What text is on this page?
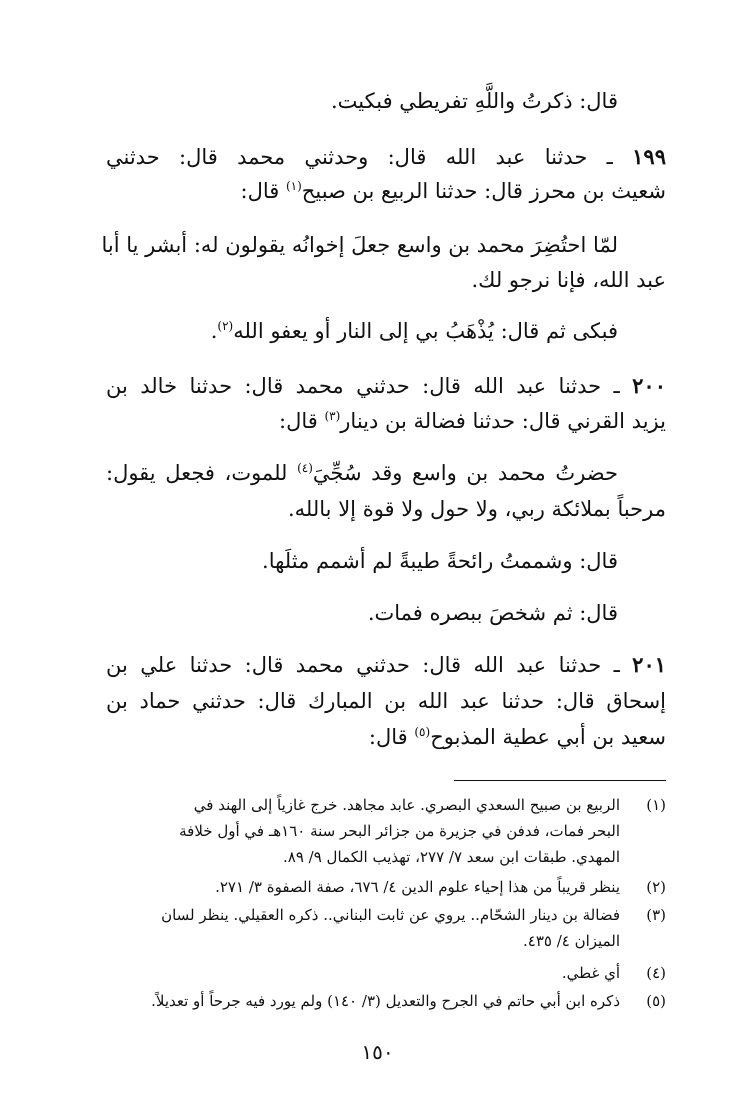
قال: ذكرتُ واللَّهِ تفريطي فبكيت.
١٩٩ ـ حدثنا عبد الله قال: وحدثني محمد قال: حدثني
شعيث بن محرز قال: حدثنا الربيع بن صبيح$^{(١)}$ قال:
لمّا احتُضِرَ محمد بن واسع جعلَ إخوانُه يقولون له: أبشر يا أبا
عبد الله، فإنا نرجو لك.
فبكى ثم قال: يُذْهَبُ بي إلى النار أو يعفو الله$^{(٢)}$.
٢٠٠ ـ حدثنا عبد الله قال: حدثني محمد قال: حدثنا خالد بن
يزيد القرني قال: حدثنا فضالة بن دينار$^{(٣)}$ قال:
حضرتُ محمد بن واسع وقد سُجِّيَ$^{(٤)}$ للموت، فجعل يقول:
مرحباً بملائكة ربي، ولا حول ولا قوة إلا بالله.
قال: وشممتُ رائحةً طيبةً لم أشمم مثلَها.
قال: ثم شخصَ ببصره فمات.
٢٠١ ـ حدثنا عبد الله قال: حدثني محمد قال: حدثنا علي بن
إسحاق قال: حدثنا عبد الله بن المبارك قال: حدثني حماد بن
سعيد بن أبي عطية المذبوح$^{(٥)}$ قال:
(١)الربيع بن صبيح السعدي البصري. عابد مجاهد. خرج غازياً إلى الهند في
البحر فمات، فدفن في جزيرة من جزائر البحر سنة ١٦٠هـ في أول خلافة
المهدي. طبقات ابن سعد ٧/ ٢٧٧، تهذيب الكمال ٩/ ٨٩.
(٢)ينظر قريباً من هذا إحياء علوم الدين ٤/ ٦٧٦، صفة الصفوة ٣/ ٢٧١.
(٣)فضالة بن دينار الشحّام.. يروي عن ثابت البناني.. ذكره العقيلي. ينظر لسان
الميزان ٤/ ٤٣٥.
(٤)أي غطي.
(٥)ذكره ابن أبي حاتم في الجرح والتعديل (٣/ ١٤٠) ولم يورد فيه جرحاً أو تعديلاً.
١٥٠
